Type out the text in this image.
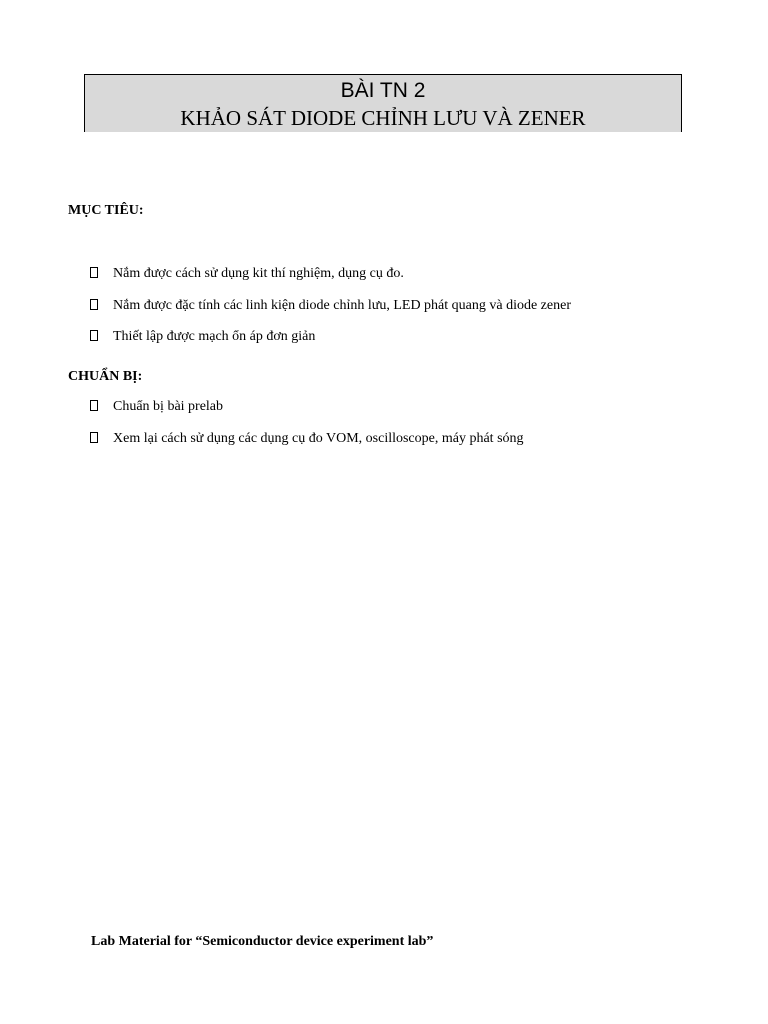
BÀI TN 2
KHẢO SÁT DIODE CHỈNH LƯU VÀ ZENER
MỤC TIÊU:
Nắm được cách sử dụng kit thí nghiệm, dụng cụ đo.
Nắm được đặc tính các linh kiện diode chỉnh lưu, LED phát quang và diode zener
Thiết lập được mạch ổn áp đơn giản
CHUẨN BỊ:
Chuẩn bị bài prelab
Xem lại cách sử dụng các dụng cụ đo VOM, oscilloscope, máy phát sóng
Lab Material for “Semiconductor device experiment lab”
